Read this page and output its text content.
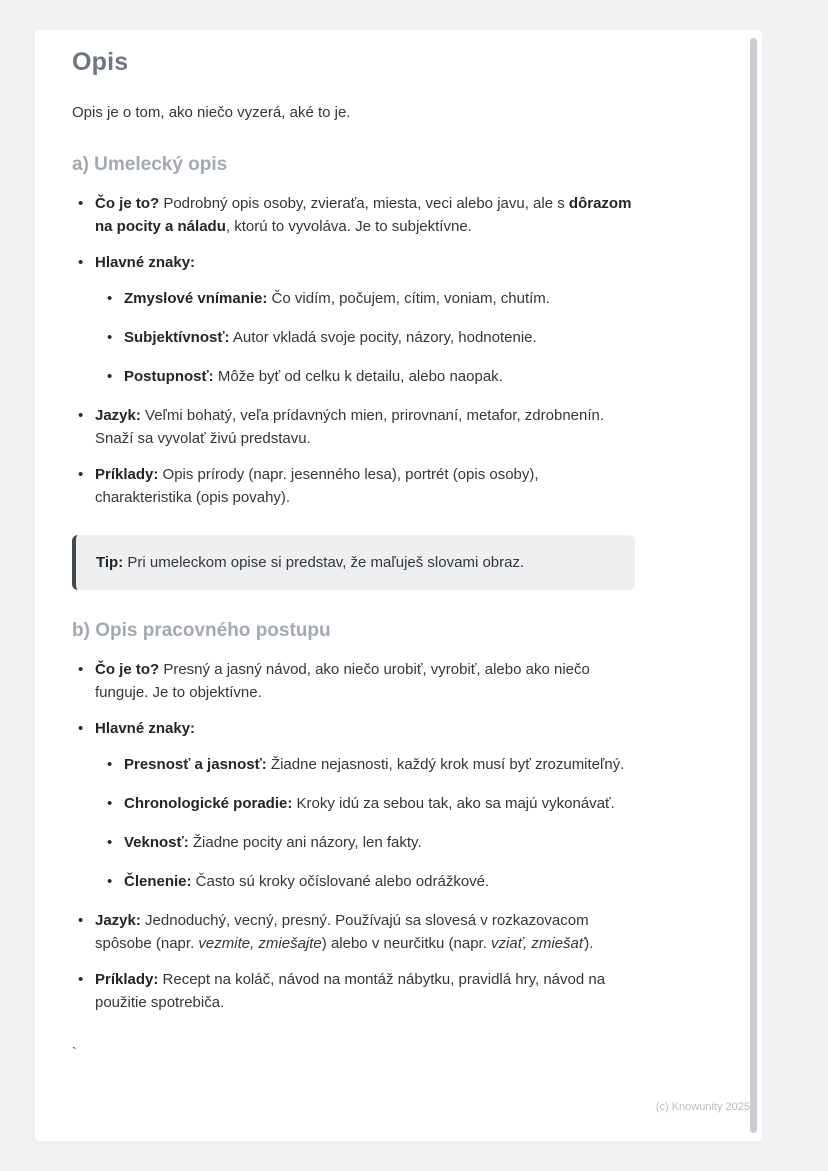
Opis

Opis je o tom, ako niečo vyzerá, aké to je.

a) Umelecký opis
• Čo je to? Podrobný opis osoby, zvieraťa, miesta, veci alebo javu, ale s dôrazom na pocity a náladu, ktorú to vyvoláva. Je to subjektívne.
• Hlavné znaky:
• Zmyslové vnímanie: Čo vidím, počujem, cítim, voniam, chutím.
• Subjektívnosť: Autor vkladá svoje pocity, názory, hodnotenie.
• Postupnosť: Môže byť od celku k detailu, alebo naopak.
• Jazyk: Veľmi bohatý, veľa prídavných mien, prirovnaní, metafor, zdrobnenín. Snaží sa vyvolať živú predstavu.
• Príklady: Opis prírody (napr. jesenného lesa), portrét (opis osoby), charakteristika (opis povahy).
Tip: Pri umeleckom opise si predstav, že maľuješ slovami obraz.
b) Opis pracovného postupu
• Čo je to? Presný a jasný návod, ako niečo urobiť, vyrobiť, alebo ako niečo funguje. Je to objektívne.
• Hlavné znaky:
• Presnosť a jasnosť: Žiadne nejasnosti, každý krok musí byť zrozumiteľný.
• Chronologické poradie: Kroky idú za sebou tak, ako sa majú vykonávať.
• Veknosť: Žiadne pocity ani názory, len fakty.
• Členenie: Často sú kroky očíslované alebo odrážkové.
• Jazyk: Jednoduchý, vecný, presný. Používajú sa slovesá v rozkazovacom spôsobe (napr. vezmite, zmiešajte) alebo v neurčitku (napr. vziať, zmiešať).
• Príklady: Recept na koláč, návod na montáž nábytku, pravidlá hry, návod na použitie spotrebiča.

`

(c) Knowunity 2025
